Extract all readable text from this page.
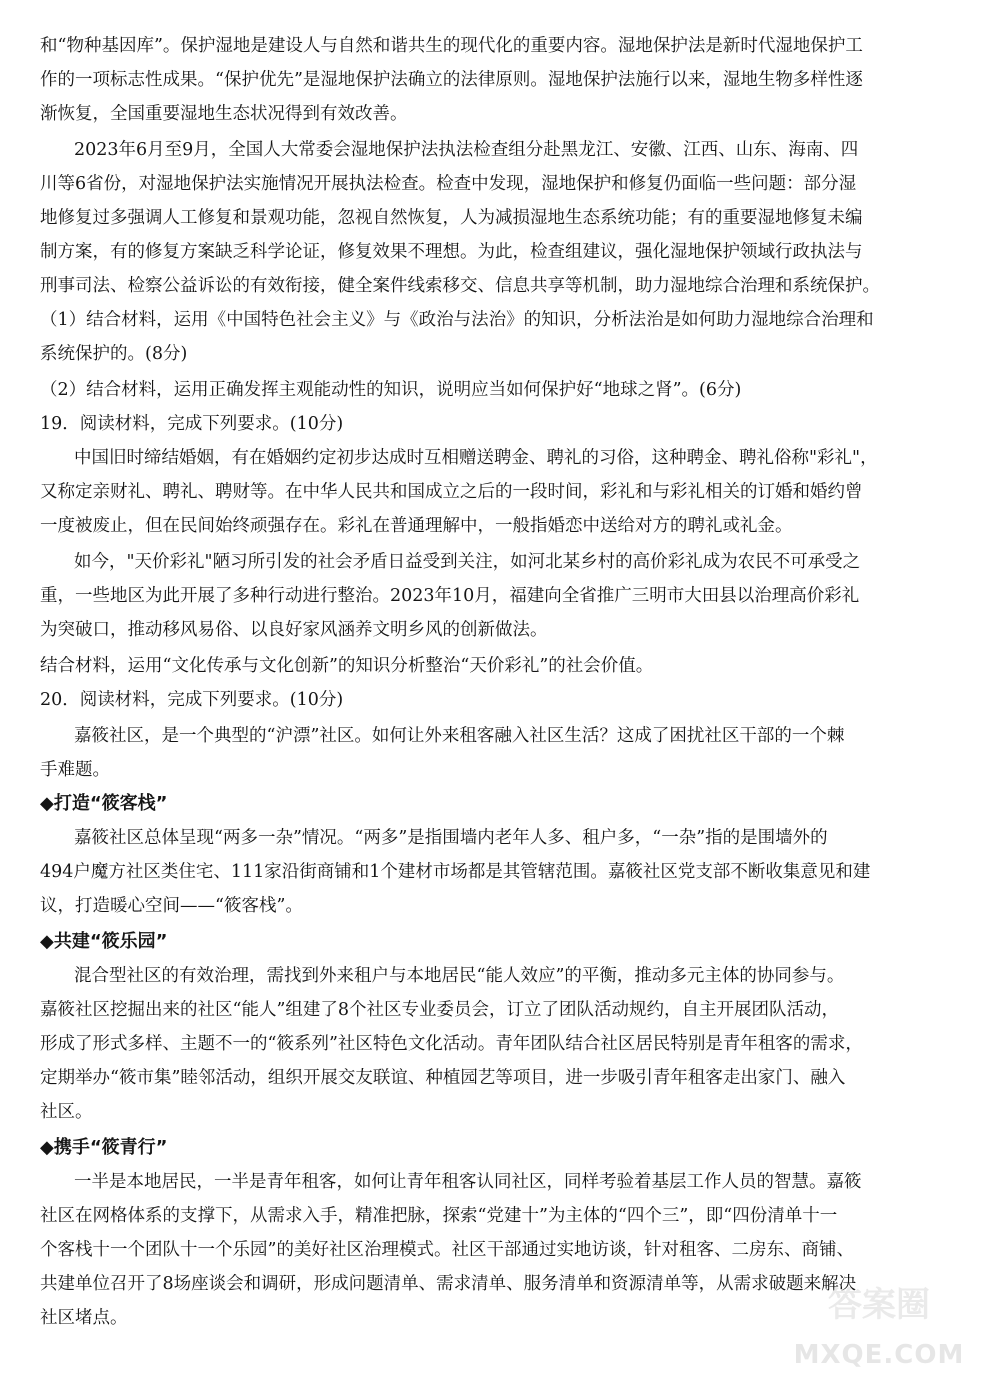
和“物种基因库”。保护湿地是建设人与自然和谐共生的现代化的重要内容。湿地保护法是新时代湿地保护工
作的一项标志性成果。“保护优先”是湿地保护法确立的法律原则。湿地保护法施行以来，湿地生物多样性逐
渐恢复，全国重要湿地生态状况得到有效改善。
2023年6月至9月，全国人大常委会湿地保护法执法检查组分赴黑龙江、安徽、江西、山东、海南、四
川等6省份，对湿地保护法实施情况开展执法检查。检查中发现，湿地保护和修复仍面临一些问题：部分湿
地修复过多强调人工修复和景观功能，忽视自然恢复，人为减损湿地生态系统功能；有的重要湿地修复未编
制方案，有的修复方案缺乏科学论证，修复效果不理想。为此，检查组建议，强化湿地保护领域行政执法与
刑事司法、检察公益诉讼的有效衔接，健全案件线索移交、信息共享等机制，助力湿地综合治理和系统保护。
（1）结合材料，运用《中国特色社会主义》与《政治与法治》的知识，分析法治是如何助力湿地综合治理和
系统保护的。(8分)
（2）结合材料，运用正确发挥主观能动性的知识，说明应当如何保护好“地球之肾”。(6分)
19．阅读材料，完成下列要求。(10分)
中国旧时缔结婚姻，有在婚姻约定初步达成时互相赠送聘金、聘礼的习俗，这种聘金、聘礼俗称"彩礼"，
又称定亲财礼、聘礼、聘财等。在中华人民共和国成立之后的一段时间，彩礼和与彩礼相关的订婚和婚约曾
一度被废止，但在民间始终顽强存在。彩礼在普通理解中，一般指婚恋中送给对方的聘礼或礼金。
如今，"天价彩礼"陋习所引发的社会矛盾日益受到关注，如河北某乡村的高价彩礼成为农民不可承受之
重，一些地区为此开展了多种行动进行整治。2023年10月，福建向全省推广三明市大田县以治理高价彩礼
为突破口，推动移风易俗、以良好家风涵养文明乡风的创新做法。
结合材料，运用“文化传承与文化创新”的知识分析整治“天价彩礼”的社会价值。
20．阅读材料，完成下列要求。(10分)
嘉筱社区，是一个典型的“沪漂”社区。如何让外来租客融入社区生活？这成了困扰社区干部的一个棘
手难题。
◆打造“筱客栈”
嘉筱社区总体呈现“两多一杂”情况。“两多”是指围墙内老年人多、租户多，“一杂”指的是围墙外的
494户魔方社区类住宅、111家沿街商铺和1个建材市场都是其管辖范围。嘉筱社区党支部不断收集意见和建
议，打造暖心空间——“筱客栈”。
◆共建“筱乐园”
混合型社区的有效治理，需找到外来租户与本地居民“能人效应”的平衡，推动多元主体的协同参与。
嘉筱社区挖掘出来的社区“能人”组建了8个社区专业委员会，订立了团队活动规约，自主开展团队活动，
形成了形式多样、主题不一的“筱系列”社区特色文化活动。青年团队结合社区居民特别是青年租客的需求，
定期举办“筱市集”睦邻活动，组织开展交友联谊、种植园艺等项目，进一步吸引青年租客走出家门、融入
社区。
◆携手“筱青行”
一半是本地居民，一半是青年租客，如何让青年租客认同社区，同样考验着基层工作人员的智慧。嘉筱
社区在网格体系的支撑下，从需求入手，精准把脉，探索“党建十”为主体的“四个三”，即“四份清单十一
个客栈十一个团队十一个乐园”的美好社区治理模式。社区干部通过实地访谈，针对租客、二房东、商铺、
共建单位召开了8场座谈会和调研，形成问题清单、需求清单、服务清单和资源清单等，从需求破题来解决
社区堵点。	答案圈
MXQE.COM
